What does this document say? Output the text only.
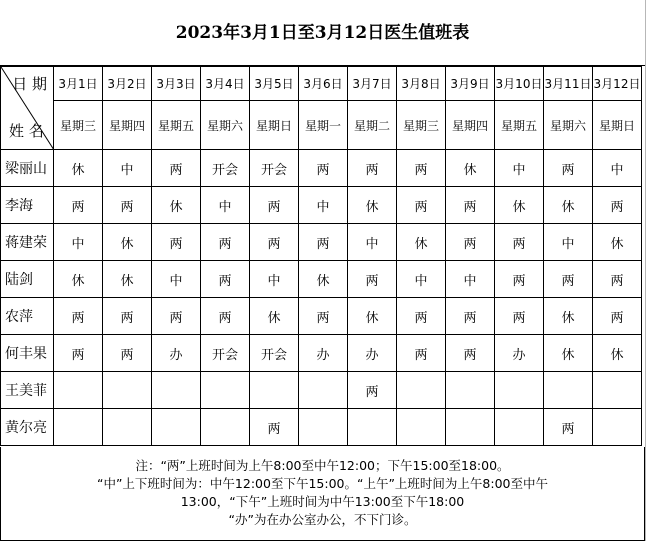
2023年3月1日至3月12日医生值班表
日 期
姓 名	3月1日	3月2日	3月3日	3月4日	3月5日	3月6日	3月7日	3月8日	3月9日	3月10日	3月11日	3月12日
	星期三	星期四	星期五	星期六	星期日	星期一	星期二	星期三	星期四	星期五	星期六	星期日
梁丽山	休	中	两	开会	开会	两	两	两	休	中	两	中
李海	两	两	休	中	两	中	休	两	两	休	休	两
蒋建荣	中	休	两	两	两	两	中	休	两	两	中	休
陆剑	休	休	中	两	中	休	两	中	中	两	两	两
农萍	两	两	两	两	休	两	休	两	两	两	休	两
何丰果	两	两	办	开会	开会	办	办	两	两	办	休	休
王美菲							两					
黄尔亮					两						两	
注：“两”上班时间为上午8:00至中午12:00；下午15:00至18:00。
“中”上下班时间为：中午12:00至下午15:00。“上午”上班时间为上午8:00至中午
13:00，“下午”上班时间为中午13:00至下午18:00
“办”为在办公室办公，不下门诊。
